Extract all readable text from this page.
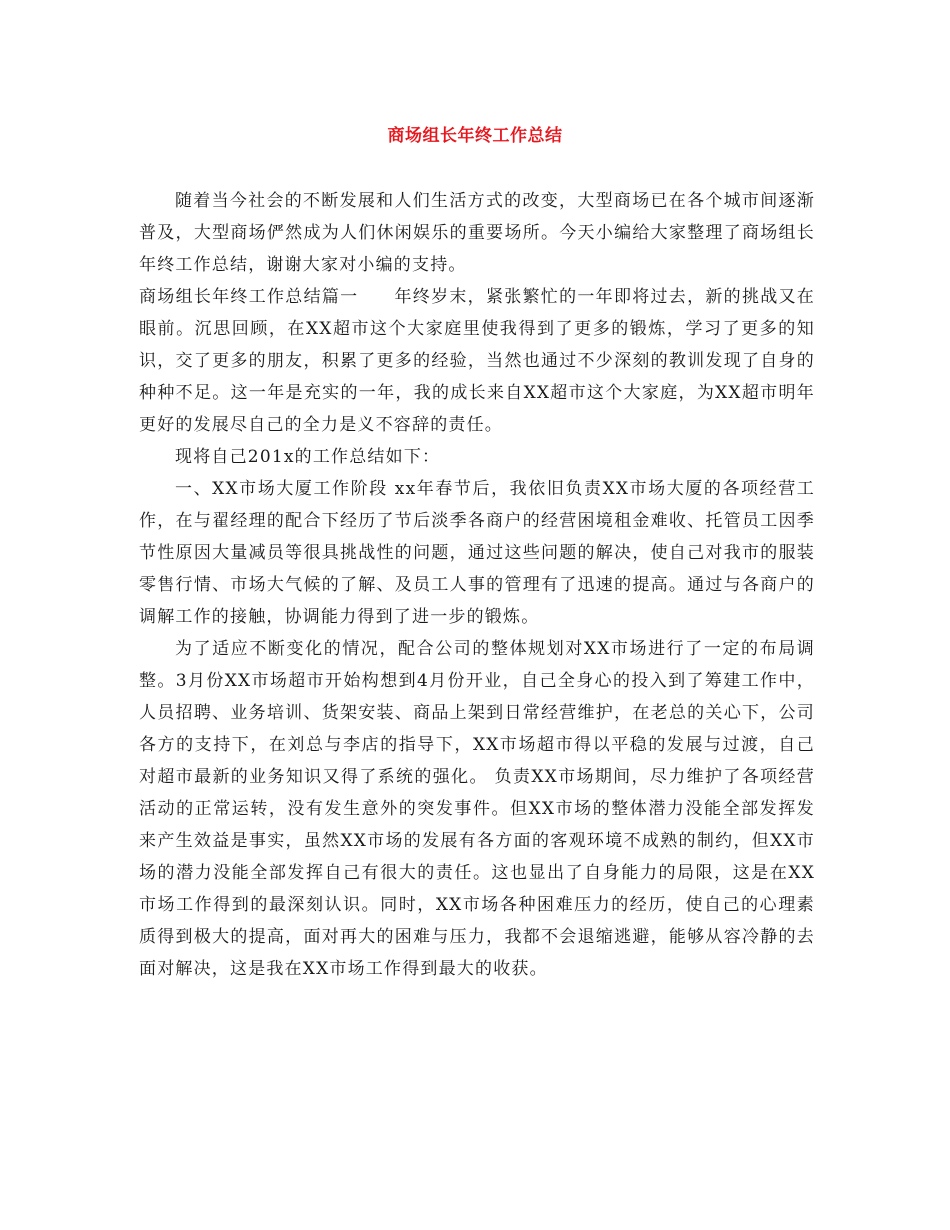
商场组长年终工作总结

随着当今社会的不断发展和人们生活方式的改变，大型商场已在各个城市间逐渐普及，大型商场俨然成为人们休闲娱乐的重要场所。今天小编给大家整理了商场组长年终工作总结，谢谢大家对小编的支持。

商场组长年终工作总结篇一 年终岁末，紧张繁忙的一年即将过去，新的挑战又在眼前。沉思回顾，在XX超市这个大家庭里使我得到了更多的锻炼，学习了更多的知识，交了更多的朋友，积累了更多的经验，当然也通过不少深刻的教训发现了自身的种种不足。这一年是充实的一年，我的成长来自XX超市这个大家庭，为XX超市明年更好的发展尽自己的全力是义不容辞的责任。

现将自己201x的工作总结如下：

一、XX市场大厦工作阶段 xx年春节后，我依旧负责XX市场大厦的各项经营工作，在与翟经理的配合下经历了节后淡季各商户的经营困境租金难收、托管员工因季节性原因大量减员等很具挑战性的问题，通过这些问题的解决，使自己对我市的服装零售行情、市场大气候的了解、及员工人事的管理有了迅速的提高。通过与各商户的调解工作的接触，协调能力得到了进一步的锻炼。

为了适应不断变化的情况，配合公司的整体规划对XX市场进行了一定的布局调整。3月份XX市场超市开始构想到4月份开业，自己全身心的投入到了筹建工作中，人员招聘、业务培训、货架安装、商品上架到日常经营维护，在老总的关心下，公司各方的支持下，在刘总与李店的指导下，XX市场超市得以平稳的发展与过渡，自己对超市最新的业务知识又得了系统的强化。 负责XX市场期间，尽力维护了各项经营活动的正常运转，没有发生意外的突发事件。但XX市场的整体潜力没能全部发挥发来产生效益是事实，虽然XX市场的发展有各方面的客观环境不成熟的制约，但XX市场的潜力没能全部发挥自己有很大的责任。这也显出了自身能力的局限，这是在XX市场工作得到的最深刻认识。同时，XX市场各种困难压力的经历，使自己的心理素质得到极大的提高，面对再大的困难与压力，我都不会退缩逃避，能够从容冷静的去面对解决，这是我在XX市场工作得到最大的收获。
